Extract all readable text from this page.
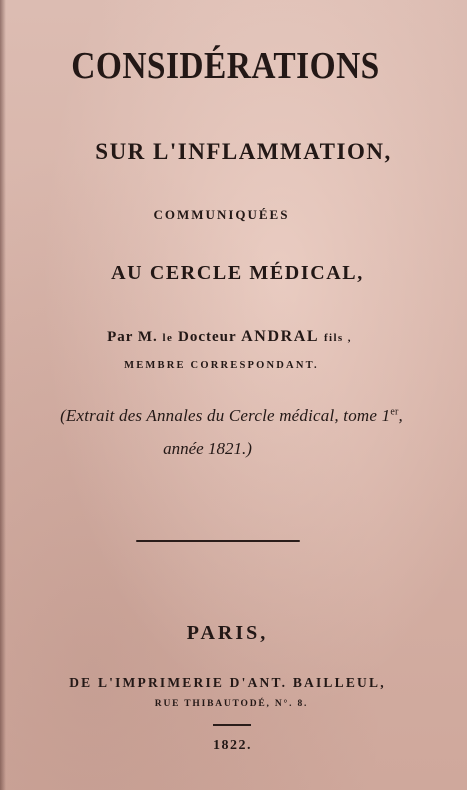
CONSIDÉRATIONS
SUR L'INFLAMMATION,
COMMUNIQUÉES
AU CERCLE MÉDICAL,
Par M. le Docteur ANDRAL fils ,
MEMBRE CORRESPONDANT.
(Extrait des Annales du Cercle médical, tome 1er,
année 1821.)
PARIS,
DE L'IMPRIMERIE D'ANT. BAILLEUL,
RUE THIBAUTODÉ, N°. 8.
1822.
